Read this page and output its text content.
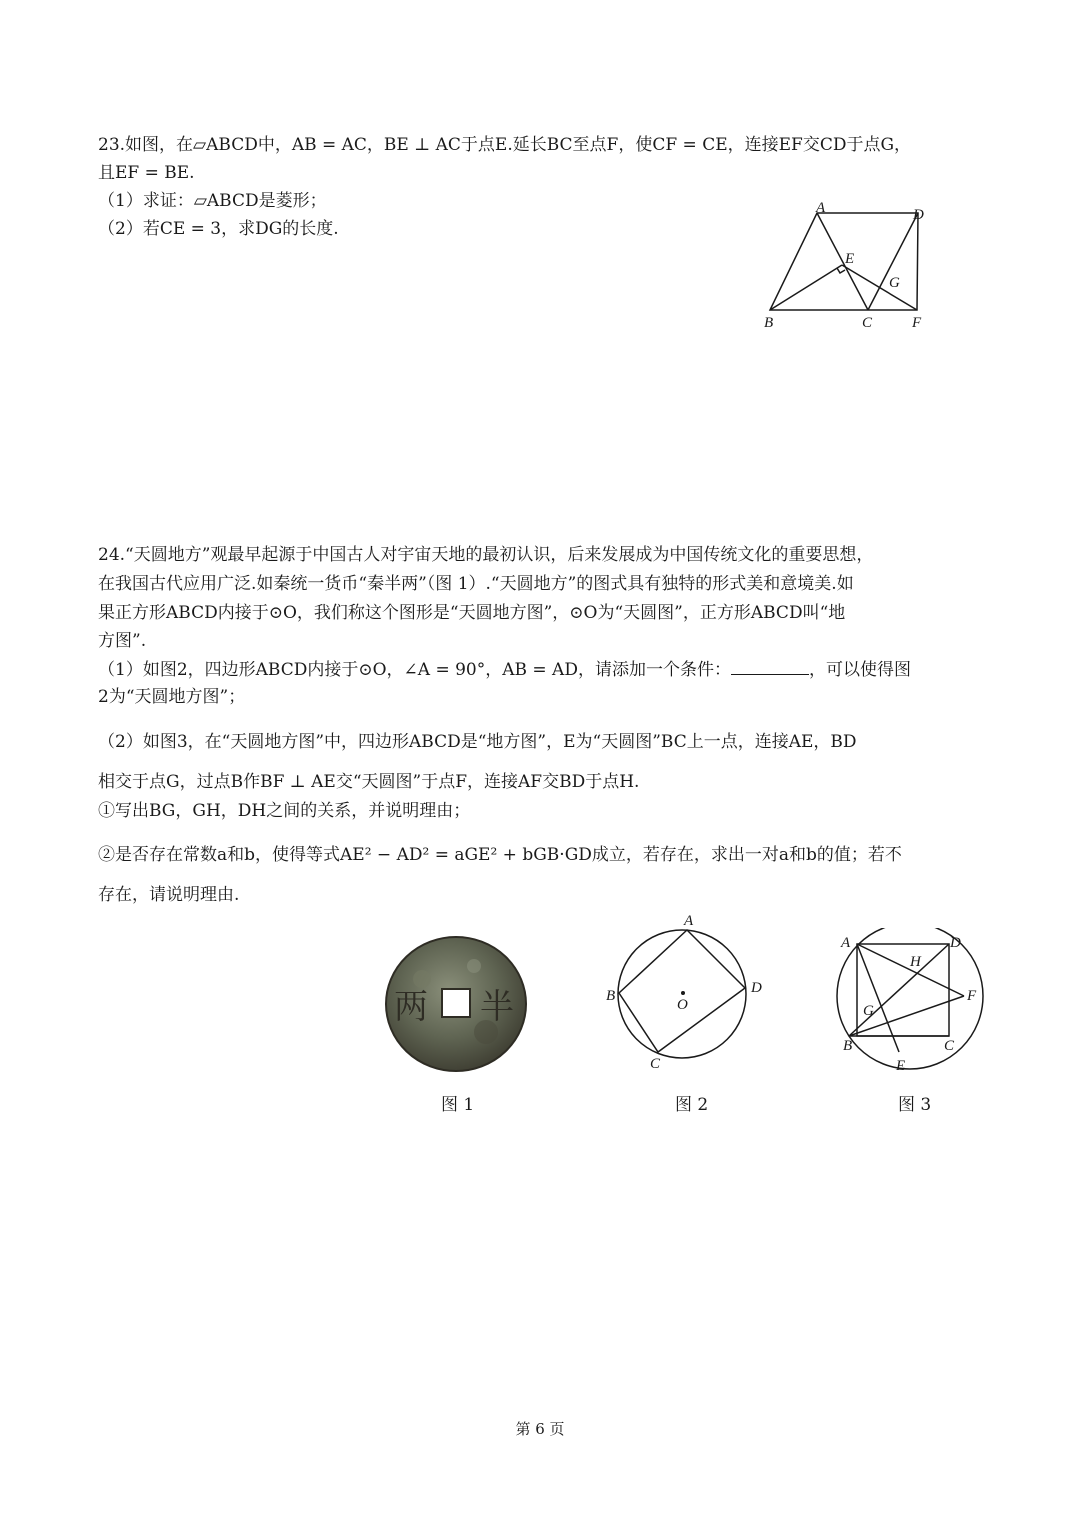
23.如图，在▱ABCD中，AB = AC，BE ⊥ AC于点E.延长BC至点F，使CF = CE，连接EF交CD于点G，
且EF = BE.
（1）求证：▱ABCD是菱形；
（2）若CE = 3，求DG的长度.
A	D
E
G
B	C	F
24.“天圆地方”观最早起源于中国古人对宇宙天地的最初认识，后来发展成为中国传统文化的重要思想，
在我国古代应用广泛.如秦统一货币“秦半两”（图 1）.“天圆地方”的图式具有独特的形式美和意境美.如
果正方形ABCD内接于⊙O，我们称这个图形是“天圆地方图”，⊙O为“天圆图”，正方形ABCD叫“地
方图”.
（1）如图2，四边形ABCD内接于⊙O，∠A = 90°，AB = AD，请添加一个条件：	，可以使得图
2为“天圆地方图”；
（2）如图3，在“天圆地方图”中，四边形ABCD是“地方图”，E为“天圆图”BC上一点，连接AE，BD
相交于点G，过点B作BF ⊥ AE交“天圆图”于点F，连接AF交BD于点H.
①写出BG，GH，DH之间的关系，并说明理由；
②是否存在常数a和b，使得等式AE² − AD² = aGE² + bGB·GD成立，若存在，求出一对a和b的值；若不
存在，请说明理由.
两 半
A
B	D
O
C
A	D
H
F
G
B	C
E
图 1	图 2	图 3
第 6 页
